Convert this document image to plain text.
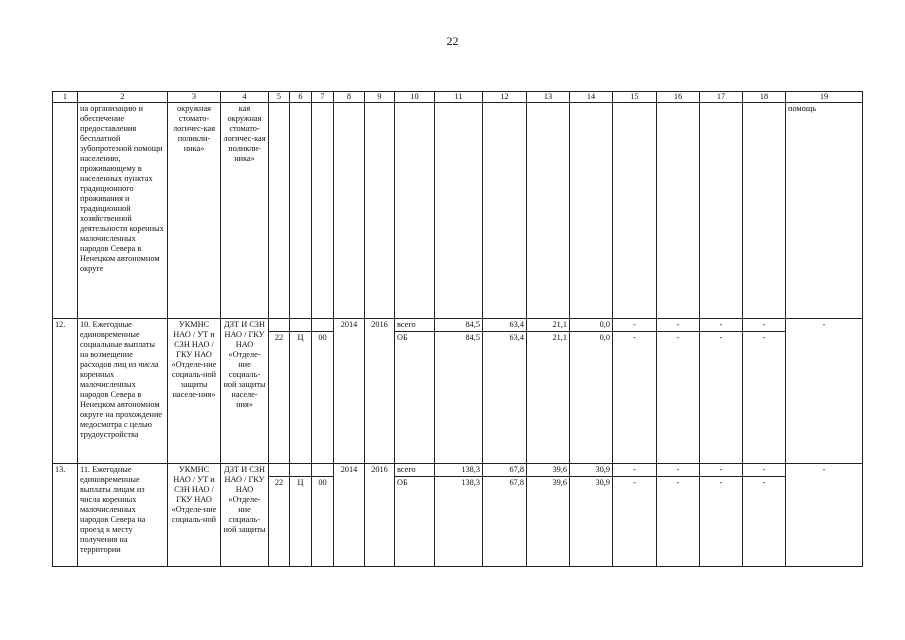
22
1	2	3	4	5	6	7	8	9	10	11	12	13	14	15	16	17	18	19
	на организацию и обеспечение предоставления бесплатной зубопротезной помощи населению, проживающему в населенных пунктах традиционного проживания и традиционной хозяйственной деятельности коренных малочисленных народов Севера в Ненецком автономном округе	окружная стомато-логичес-кая поликли-ника»	кая окружная стомато-логичес-кая поликли-ника»															помощь
12.	10. Ежегодные единовременные социальные выплаты на возмещение расходов лиц из числа коренных малочисленных народов Севера в Ненецком автономном округе на прохождение медосмотра с целью трудоустройства	УКМНС НАО / УТ и СЗН НАО / ГКУ НАО «Отделе-ние социаль-ной защиты населе-ния»	ДЗТ И СЗН НАО / ГКУ НАО «Отделе-ние социаль-ной защиты населе-ния»				2014	2016	всего	84,5	63,4	21,1	0,0	-	-	-	-	-
				22	Ц	00			ОБ	84,5	63,4	21,1	0,0	-	-	-	-	
13.	11. Ежегодные единовременные выплаты лицам из числа коренных малочисленных народов Севера на проезд к месту получения на территории	УКМНС НАО / УТ и СЗН НАО / ГКУ НАО «Отделе-ние социаль-ной	ДЗТ И СЗН НАО / ГКУ НАО «Отделе-ние социаль-ной защиты				2014	2016	всего	138,3	67,8	39,6	30,9	-	-	-	-	-
				22	Ц	00			ОБ	138,3	67,8	39,6	30,9	-	-	-	-	
